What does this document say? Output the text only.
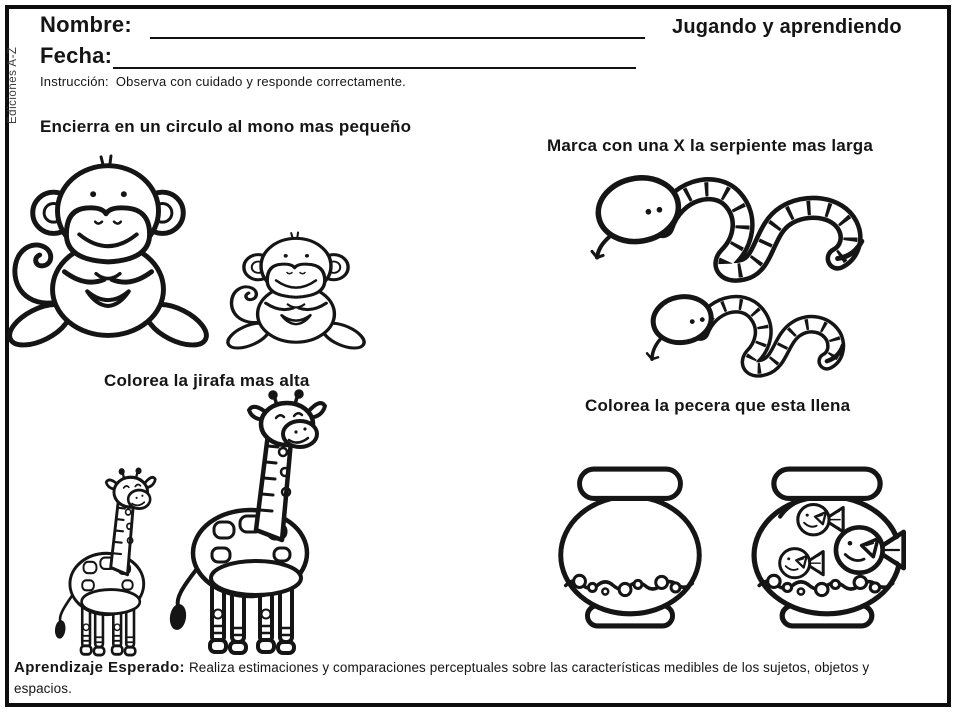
Ediciones A-Z
Nombre:	Jugando y aprendiendo
Fecha:
Instrucción: Observa con cuidado y responde correctamente.
Encierra en un circulo al mono mas pequeño
Marca con una X la serpiente mas larga
Colorea la jirafa mas alta
Colorea la pecera que esta llena
Aprendizaje Esperado: Realiza estimaciones y comparaciones perceptuales sobre las características medibles de los sujetos, objetos y espacios.
